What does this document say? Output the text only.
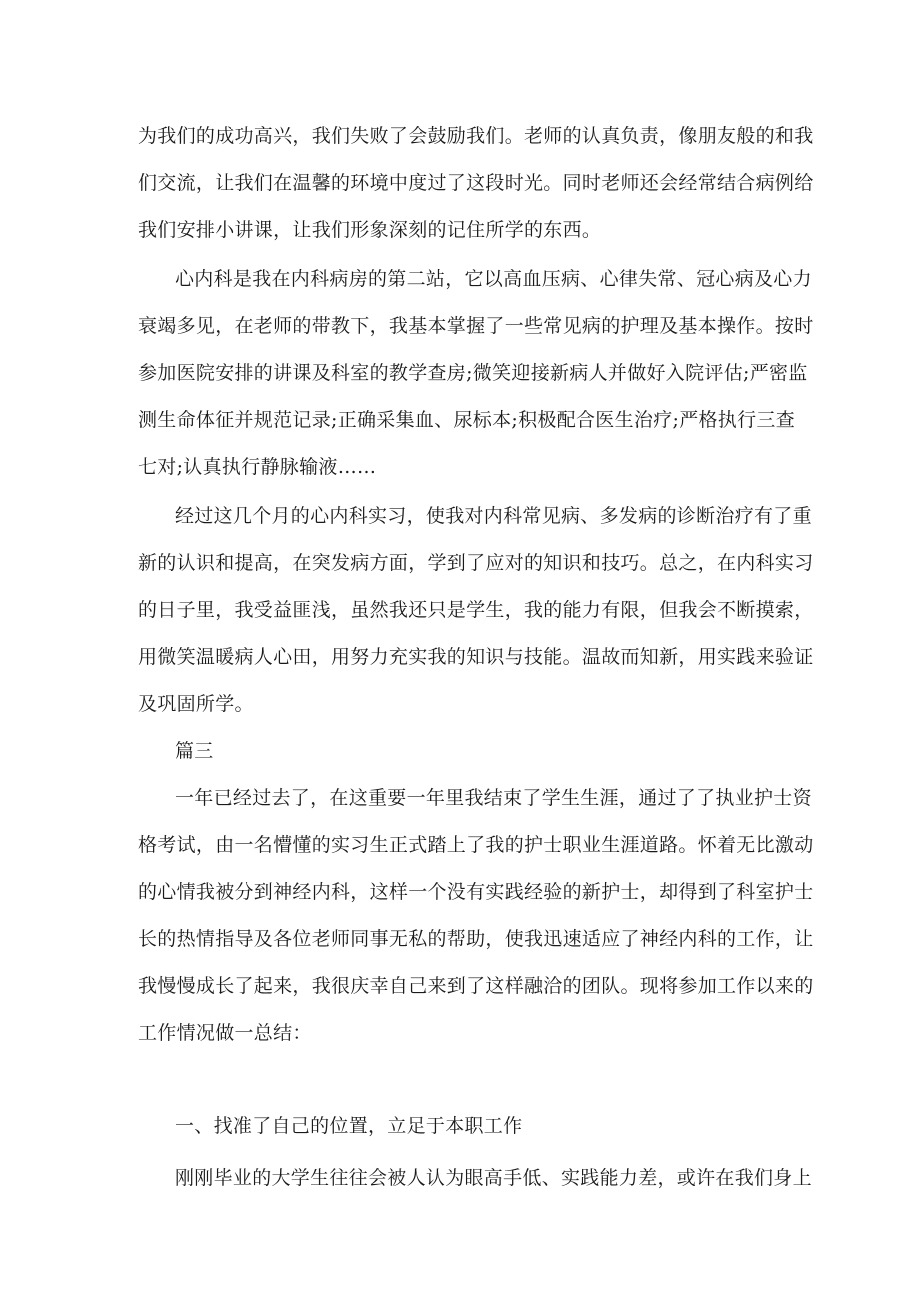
为我们的成功高兴，我们失败了会鼓励我们。老师的认真负责，像朋友般的和我
们交流，让我们在温馨的环境中度过了这段时光。同时老师还会经常结合病例给
我们安排小讲课，让我们形象深刻的记住所学的东西。
心内科是我在内科病房的第二站，它以高血压病、心律失常、冠心病及心力
衰竭多见，在老师的带教下，我基本掌握了一些常见病的护理及基本操作。按时
参加医院安排的讲课及科室的教学查房;微笑迎接新病人并做好入院评估;严密监
测生命体征并规范记录;正确采集血、尿标本;积极配合医生治疗;严格执行三查
七对;认真执行静脉输液……
经过这几个月的心内科实习，使我对内科常见病、多发病的诊断治疗有了重
新的认识和提高，在突发病方面，学到了应对的知识和技巧。总之，在内科实习
的日子里，我受益匪浅，虽然我还只是学生，我的能力有限，但我会不断摸索，
用微笑温暖病人心田，用努力充实我的知识与技能。温故而知新，用实践来验证
及巩固所学。
篇三
一年已经过去了，在这重要一年里我结束了学生生涯，通过了了执业护士资
格考试，由一名懵懂的实习生正式踏上了我的护士职业生涯道路。怀着无比激动
的心情我被分到神经内科，这样一个没有实践经验的新护士，却得到了科室护士
长的热情指导及各位老师同事无私的帮助，使我迅速适应了神经内科的工作，让
我慢慢成长了起来，我很庆幸自己来到了这样融洽的团队。现将参加工作以来的
工作情况做一总结：
一、找准了自己的位置，立足于本职工作
刚刚毕业的大学生往往会被人认为眼高手低、实践能力差，或许在我们身上
